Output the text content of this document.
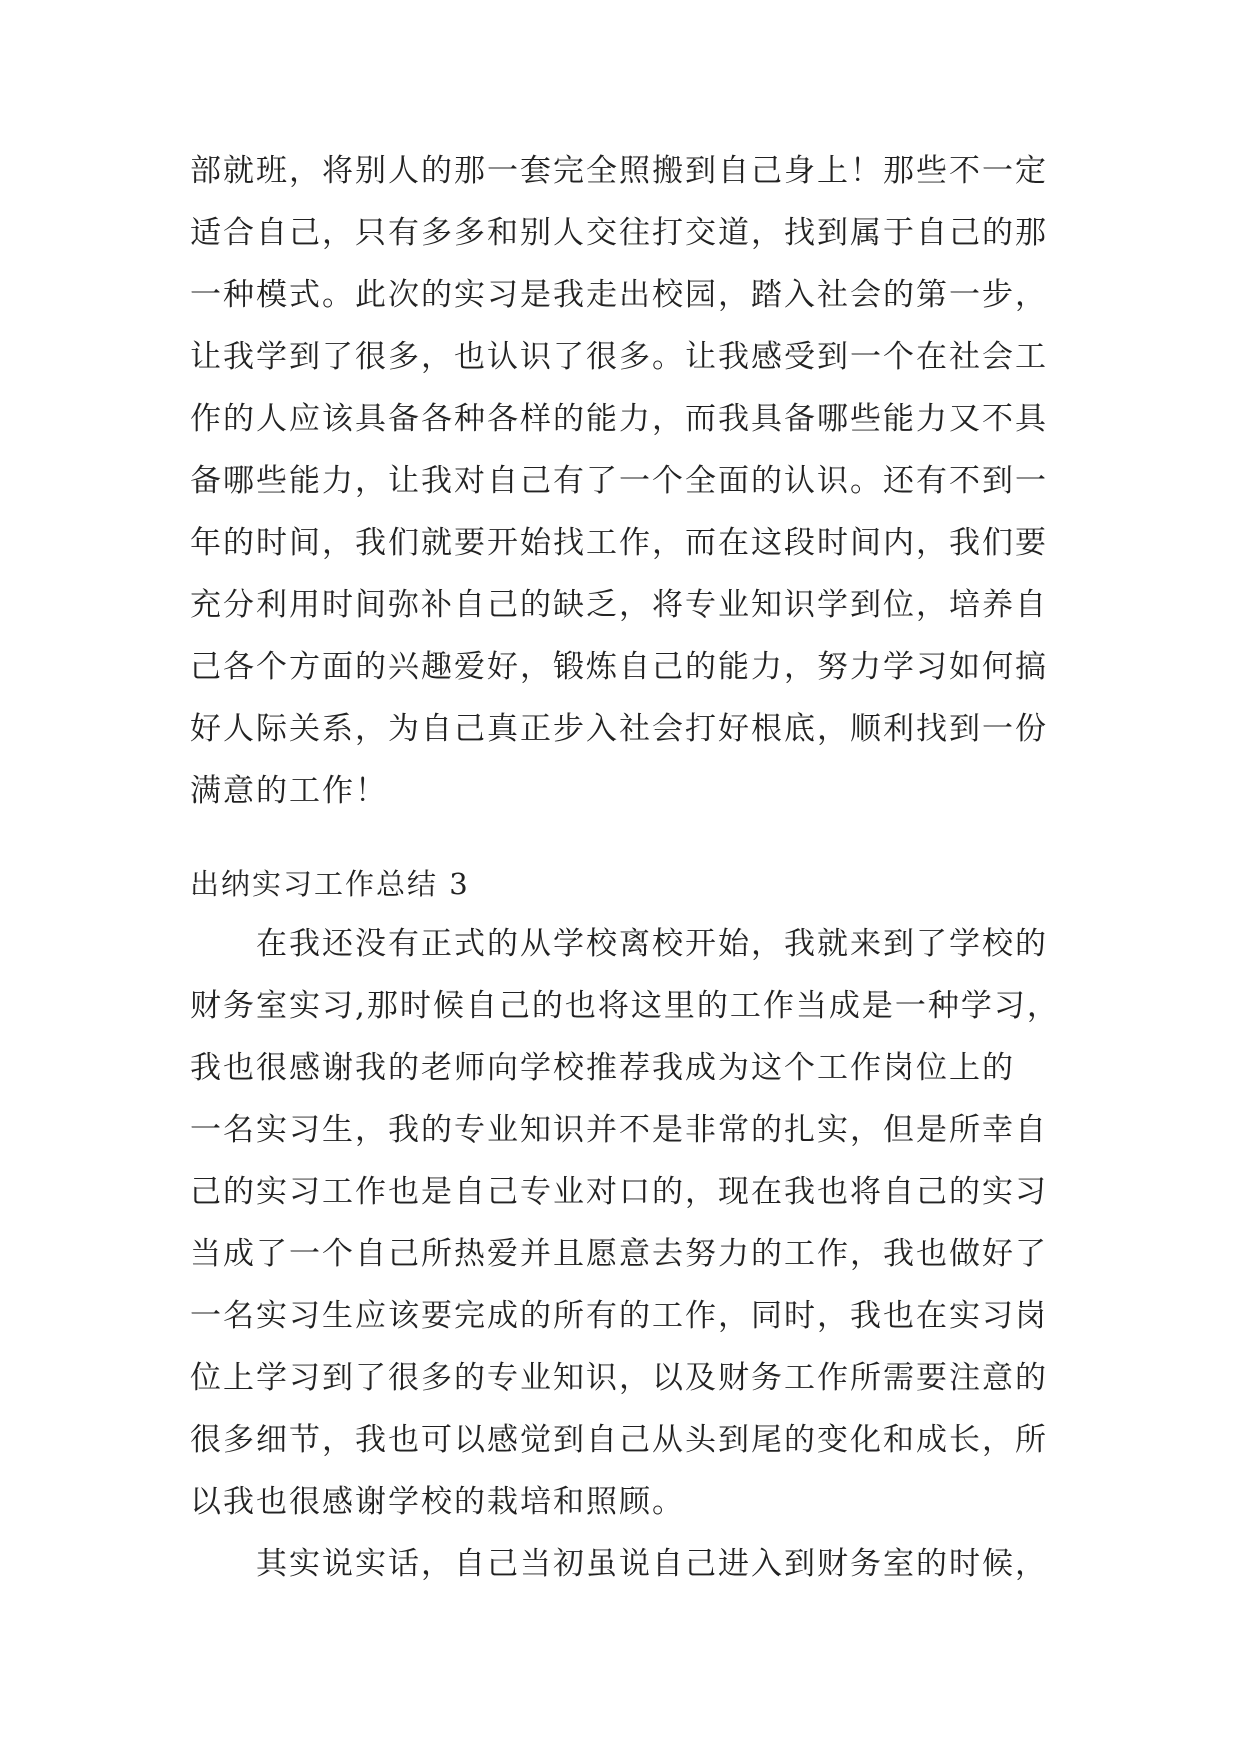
部就班，将别人的那一套完全照搬到自己身上！那些不一定
适合自己，只有多多和别人交往打交道，找到属于自己的那
一种模式。此次的实习是我走出校园，踏入社会的第一步，
让我学到了很多，也认识了很多。让我感受到一个在社会工
作的人应该具备各种各样的能力，而我具备哪些能力又不具
备哪些能力，让我对自己有了一个全面的认识。还有不到一
年的时间，我们就要开始找工作，而在这段时间内，我们要
充分利用时间弥补自己的缺乏，将专业知识学到位，培养自
己各个方面的兴趣爱好，锻炼自己的能力，努力学习如何搞
好人际关系，为自己真正步入社会打好根底，顺利找到一份
满意的工作！
出纳实习工作总结 3
在我还没有正式的从学校离校开始，我就来到了学校的
财务室实习,那时候自己的也将这里的工作当成是一种学习，
我也很感谢我的老师向学校推荐我成为这个工作岗位上的
一名实习生，我的专业知识并不是非常的扎实，但是所幸自
己的实习工作也是自己专业对口的，现在我也将自己的实习
当成了一个自己所热爱并且愿意去努力的工作，我也做好了
一名实习生应该要完成的所有的工作，同时，我也在实习岗
位上学习到了很多的专业知识，以及财务工作所需要注意的
很多细节，我也可以感觉到自己从头到尾的变化和成长，所
以我也很感谢学校的栽培和照顾。
其实说实话，自己当初虽说自己进入到财务室的时候，
